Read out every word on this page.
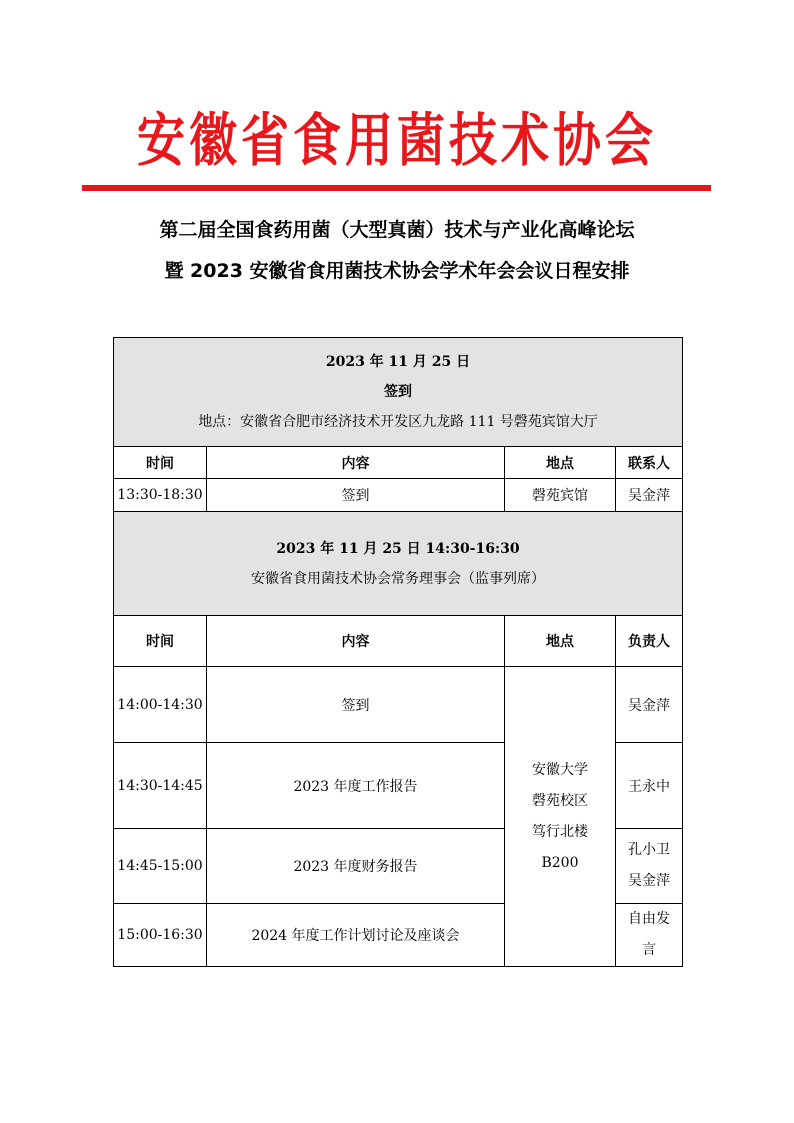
安徽省食用菌技术协会
第二届全国食药用菌（大型真菌）技术与产业化高峰论坛
暨 2023 安徽省食用菌技术协会学术年会会议日程安排
2023 年 11 月 25 日
签到
地点：安徽省合肥市经济技术开发区九龙路 111 号磬苑宾馆大厅			

时间	内容	地点	联系人
13:30-18:30	签到	磬苑宾馆	吴金萍

2023 年 11 月 25 日 14:30-16:30
安徽省食用菌技术协会常务理事会（监事列席）			

时间	内容	地点	负责人
14:00-14:30	签到	安徽大学
磬苑校区
笃行北楼
B200	吴金萍
14:30-14:45	2023 年度工作报告		王永中
14:45-15:00	2023 年度财务报告		孔小卫
吴金萍

15:00-16:30	2024 年度工作计划讨论及座谈会		自由发
言
